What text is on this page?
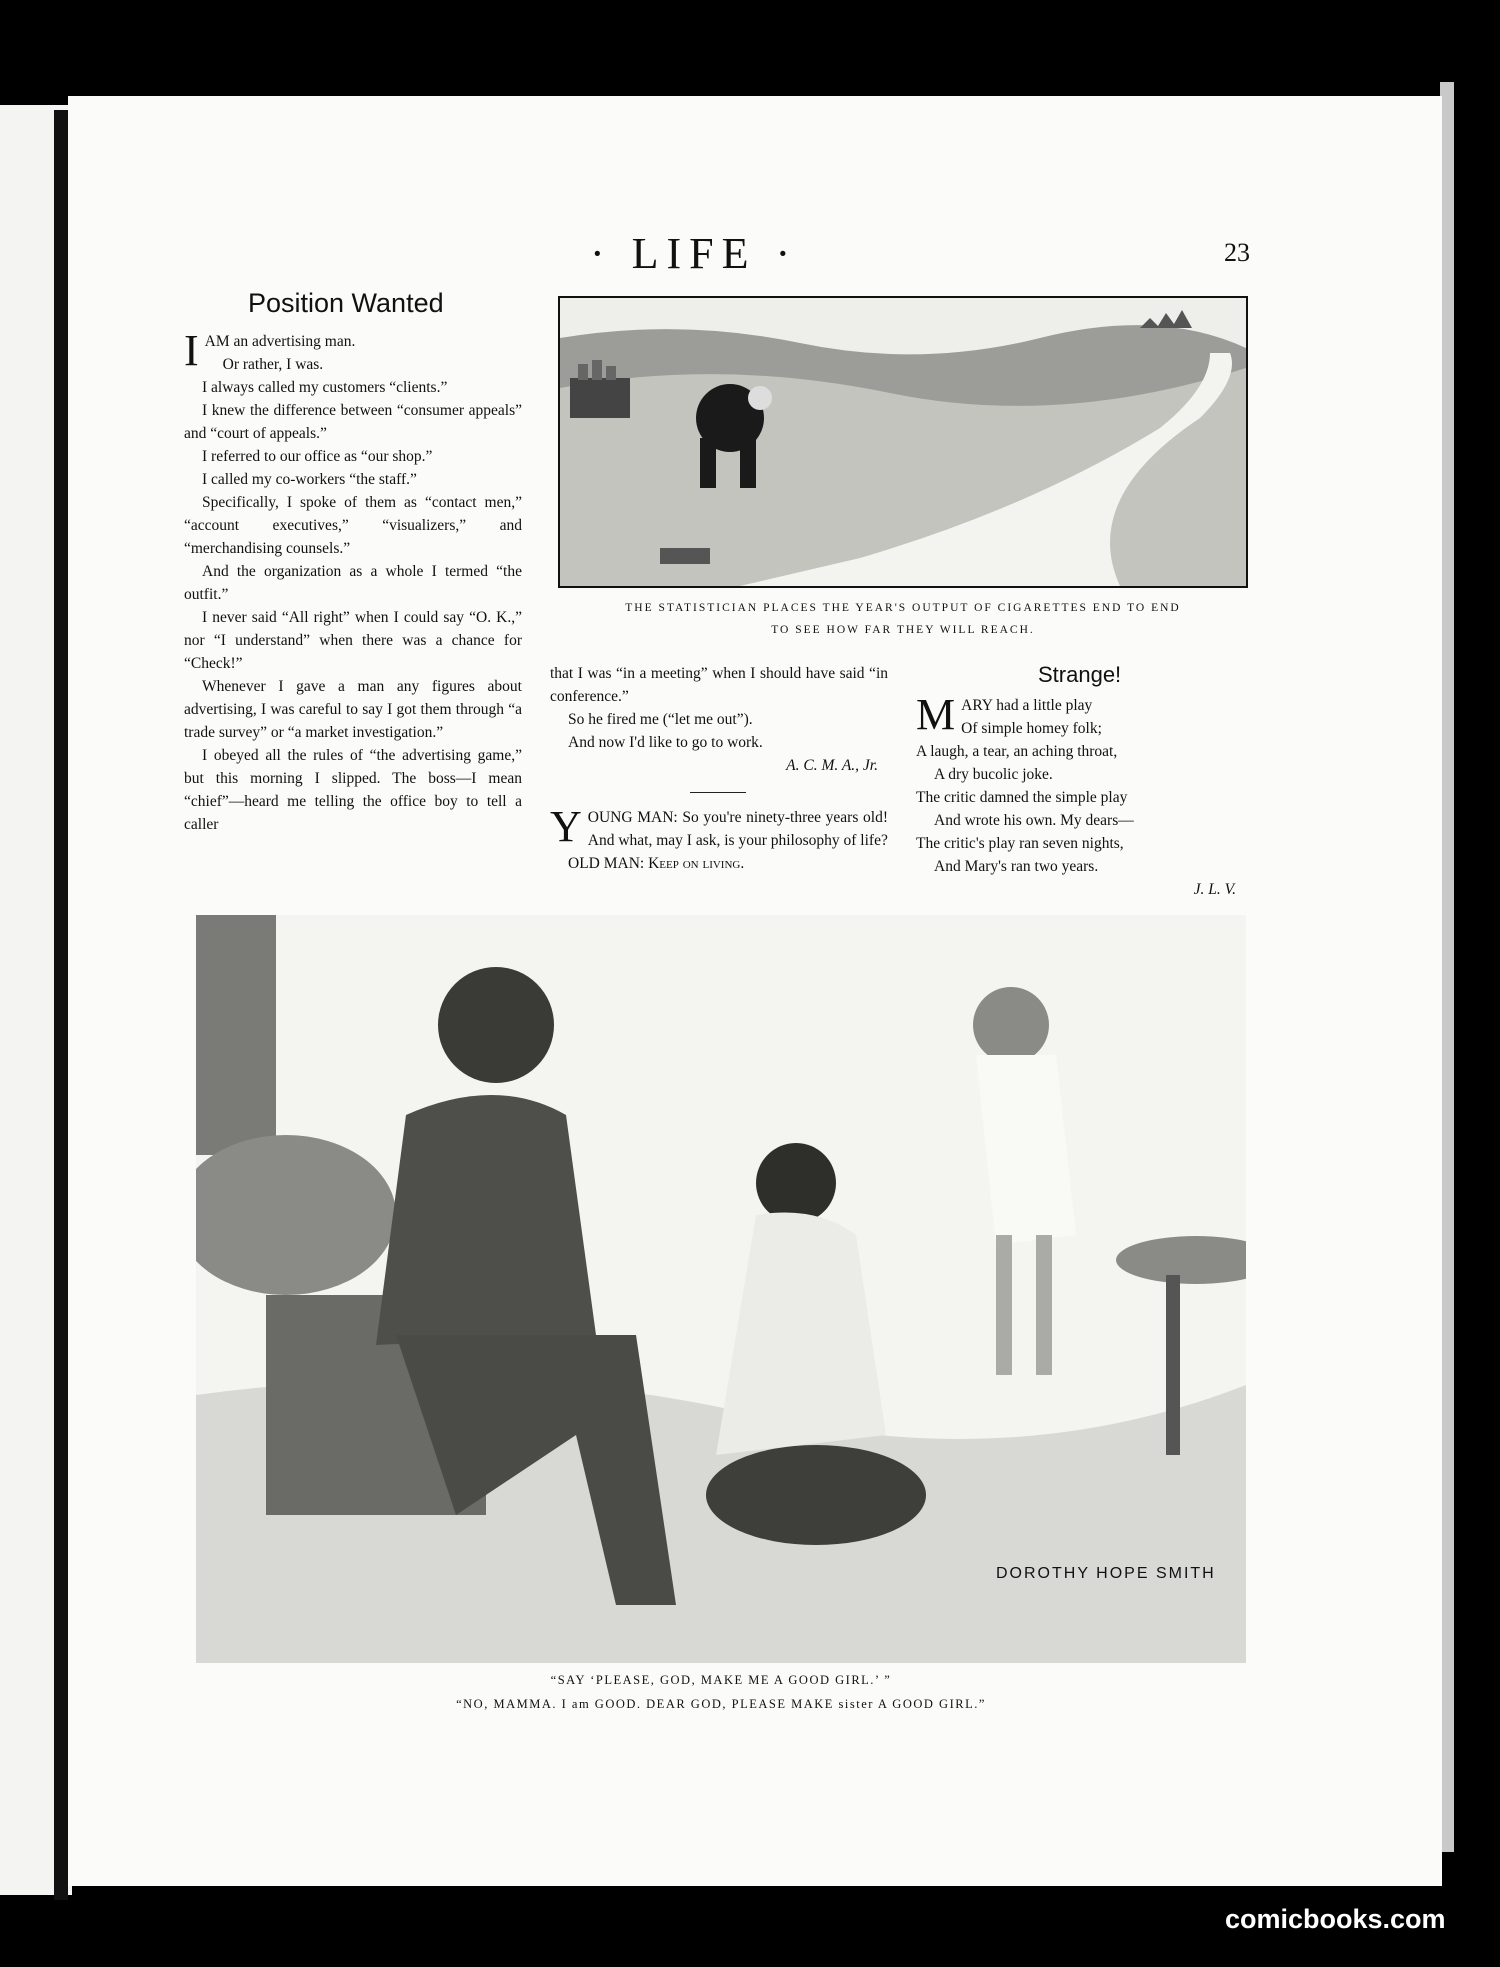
· LIFE ·	23
Position Wanted
I AM an advertising man.

Or rather, I was.

I always called my customers “clients.”

I knew the difference between “consumer appeals” and “court of appeals.”

I referred to our office as “our shop.”

I called my co-workers “the staff.”

Specifically, I spoke of them as “contact men,” “account executives,” “visualizers,” and “merchandising counsels.”

And the organization as a whole I termed “the outfit.”

I never said “All right” when I could say “O. K.,” nor “I understand” when there was a chance for “Check!”

Whenever I gave a man any figures about advertising, I was careful to say I got them through “a trade survey” or “a market investigation.”

I obeyed all the rules of “the advertising game,” but this morning I slipped. The boss—I mean “chief”—heard me telling the office boy to tell a caller

that I was “in a meeting” when I should have said “in conference.”

So he fired me (“let me out”).

And now I'd like to go to work.

A. C. M. A., Jr.

Y OUNG MAN: So you're ninety-three years old! And what, may I ask, is your philosophy of life?

OLD MAN: Keep on living.

Strange!
M ARY had a little play

Of simple homey folk;

A laugh, a tear, an aching throat,

A dry bucolic joke.

The critic damned the simple play

And wrote his own. My dears—

The critic's play ran seven nights,

And Mary's ran two years.

J. L. V.

THE STATISTICIAN PLACES THE YEAR'S OUTPUT OF CIGARETTES END TO END
TO SEE HOW FAR THEY WILL REACH.
DOROTHY HOPE SMITH
“SAY ‘PLEASE, GOD, MAKE ME A GOOD GIRL.’ ”
“NO, MAMMA. I am GOOD. DEAR GOD, PLEASE MAKE sister A GOOD GIRL.”
comicbooks.com
